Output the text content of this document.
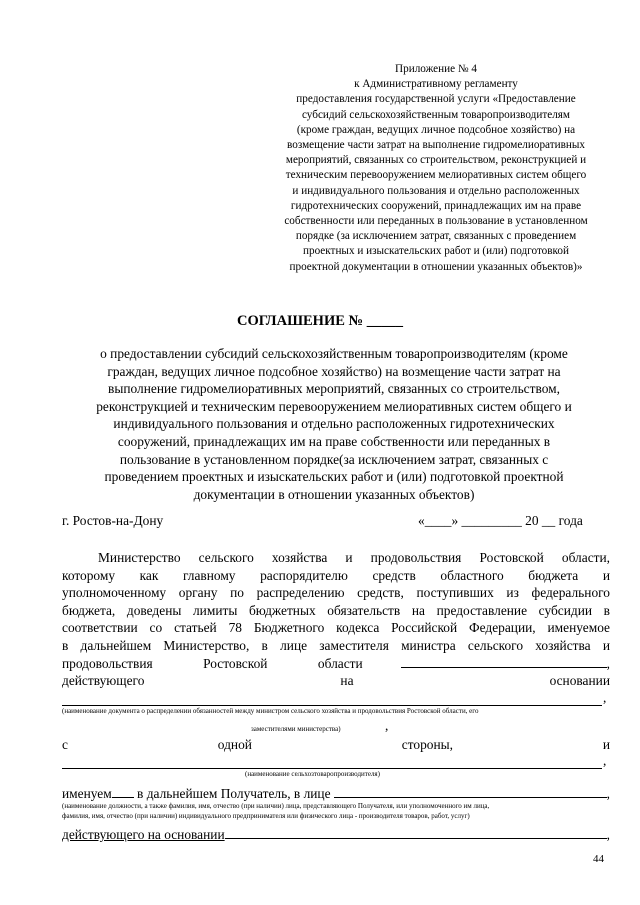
Приложение № 4
к Административному регламенту
предоставления государственной услуги «Предоставление
субсидий сельскохозяйственным товаропроизводителям
(кроме граждан, ведущих личное подсобное хозяйство) на
возмещение части затрат на выполнение гидромелиоративных
мероприятий, связанных со строительством, реконструкцией и
техническим перевооружением мелиоративных систем общего
и индивидуального пользования и отдельно расположенных
гидротехнических сооружений, принадлежащих им на праве
собственности или переданных в пользование в установленном
порядке (за исключением затрат, связанных с проведением
проектных и изыскательских работ и (или) подготовкой
проектной документации в отношении указанных объектов)»
СОГЛАШЕНИЕ № _____
о предоставлении субсидий сельскохозяйственным товаропроизводителям (кроме
граждан, ведущих личное подсобное хозяйство) на возмещение части затрат на
выполнение гидромелиоративных мероприятий, связанных со строительством,
реконструкцией и техническим перевооружением мелиоративных систем общего и
индивидуального пользования и отдельно расположенных гидротехнических
сооружений, принадлежащих им на праве собственности или переданных в
пользование в установленном порядке(за исключением затрат, связанных с
проведением проектных и изыскательских работ и (или) подготовкой проектной
документации в отношении указанных объектов)
г. Ростов-на-Дону	«____» _________ 20 __ года
Министерство сельского хозяйства и продовольствия Ростовской области,
которому как главному распорядителю средств областного бюджета и
уполномоченному органу по распределению средств, поступивших из федерального
бюджета, доведены лимиты бюджетных обязательств на предоставление субсидии в
соответствии со статьей 78 Бюджетного кодекса Российской Федерации, именуемое
в дальнейшем Министерство, в лице заместителя министра сельского хозяйства и
продовольствия	Ростовской	области	,
действующего	на	основании
,
(наименование документа о распределении обязанностей между министром сельского хозяйства и продовольствия Ростовской области, его
заместителями министерства)	,
с	одной	стороны,	и
,
(наименование сельхозтоваропроизводителя)
именуем в дальнейшем Получатель, в лице	,
(наименование должности, а также фамилия, имя, отчество (при наличии) лица, представляющего Получателя, или уполномоченного им лица,
фамилия, имя, отчество (при наличии) индивидуального предпринимателя или физического лица - производителя товаров, работ, услуг)
действующего на основании	,
44
